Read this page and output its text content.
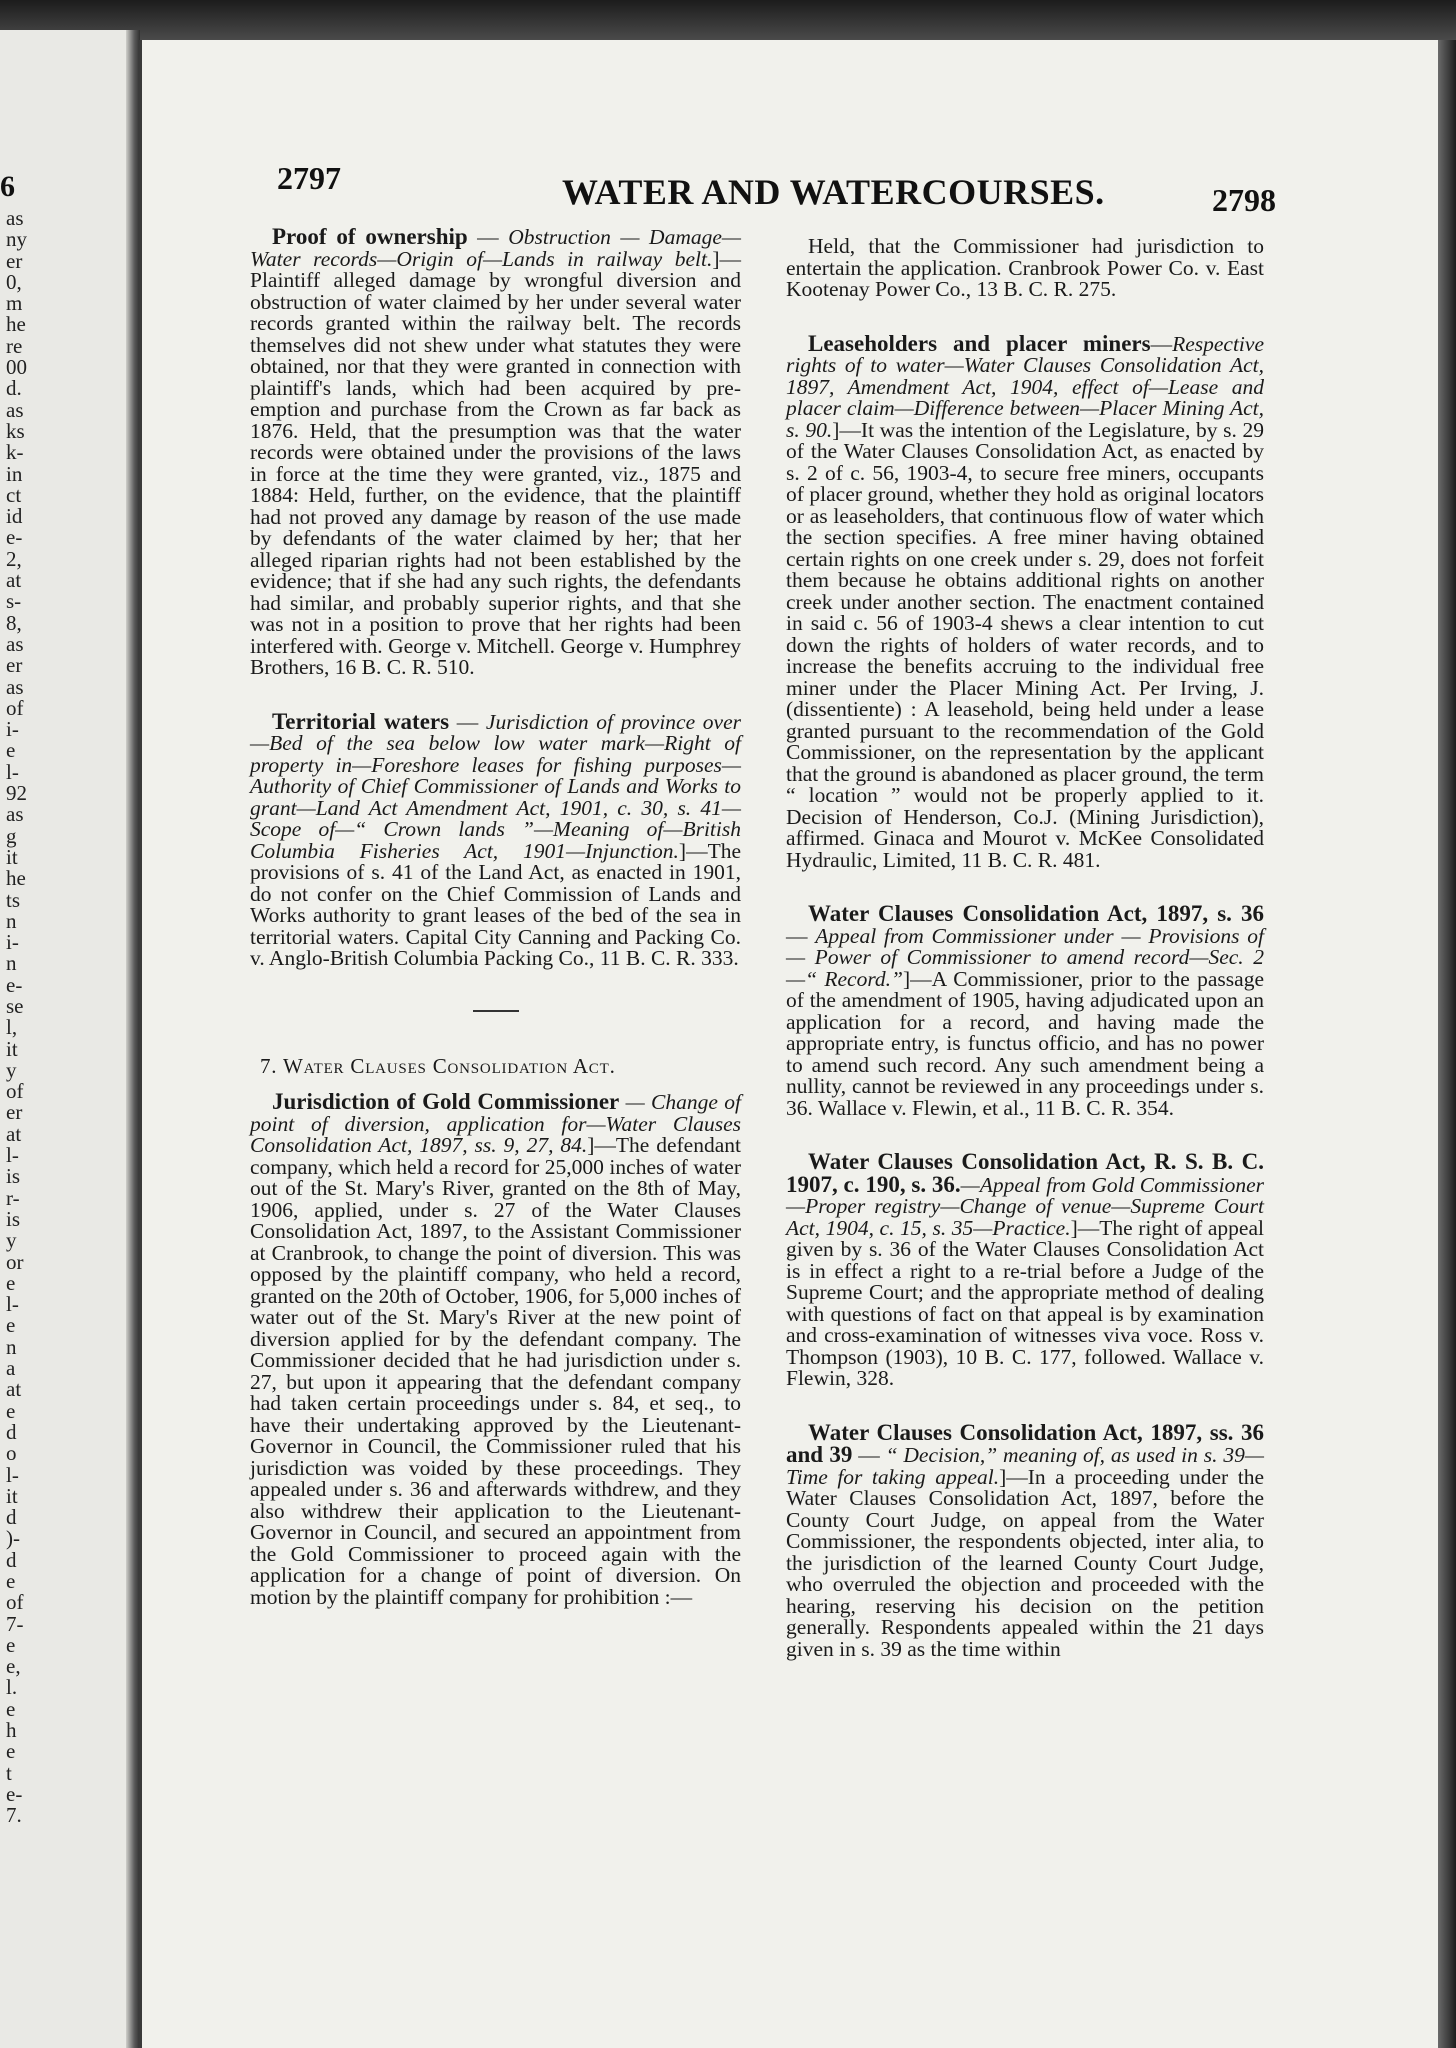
6
as
ny
er
0,
m
he
re
00
d.
as
ks
k-
in
ct
id
e-
2,
at
s-
8,
as
er
as
of
i-
e
l-
92
as
g
it
he
ts
n
i-
n
e-
se
l,
it
y
of
er
at
l-
is
r-
is
y
or
e
l-
e
n
a
at
e
d
o
l-
it
d
)-
d
e
of
7-
e
e,
l.
e
h
e
t
e-
7.
2797	WATER AND WATERCOURSES.	2798

Proof of ownership — Obstruction — Damage—Water records—Origin of—Lands in railway belt.]—Plaintiff alleged damage by wrongful diversion and obstruction of water claimed by her under several water records granted within the railway belt. The records themselves did not shew under what statutes they were obtained, nor that they were granted in connection with plaintiff's lands, which had been acquired by pre-emption and purchase from the Crown as far back as 1876. Held, that the presumption was that the water records were obtained under the provisions of the laws in force at the time they were granted, viz., 1875 and 1884: Held, further, on the evidence, that the plaintiff had not proved any damage by reason of the use made by defendants of the water claimed by her; that her alleged riparian rights had not been established by the evidence; that if she had any such rights, the defendants had similar, and probably superior rights, and that she was not in a position to prove that her rights had been interfered with. George v. Mitchell. George v. Humphrey Brothers, 16 B. C. R. 510.

Territorial waters — Jurisdiction of province over—Bed of the sea below low water mark—Right of property in—Foreshore leases for fishing purposes—Authority of Chief Commissioner of Lands and Works to grant—Land Act Amendment Act, 1901, c. 30, s. 41—Scope of—“ Crown lands ”—Meaning of—British Columbia Fisheries Act, 1901—Injunction.]—The provisions of s. 41 of the Land Act, as enacted in 1901, do not confer on the Chief Commission of Lands and Works authority to grant leases of the bed of the sea in territorial waters. Capital City Canning and Packing Co. v. Anglo-British Columbia Packing Co., 11 B. C. R. 333.

7. Water Clauses Consolidation Act.

Jurisdiction of Gold Commissioner — Change of point of diversion, application for—Water Clauses Consolidation Act, 1897, ss. 9, 27, 84.]—The defendant company, which held a record for 25,000 inches of water out of the St. Mary's River, granted on the 8th of May, 1906, applied, under s. 27 of the Water Clauses Consolidation Act, 1897, to the Assistant Commissioner at Cranbrook, to change the point of diversion. This was opposed by the plaintiff company, who held a record, granted on the 20th of October, 1906, for 5,000 inches of water out of the St. Mary's River at the new point of diversion applied for by the defendant company. The Commissioner decided that he had jurisdiction under s. 27, but upon it appearing that the defendant company had taken certain proceedings under s. 84, et seq., to have their undertaking approved by the Lieutenant-Governor in Council, the Commissioner ruled that his jurisdiction was voided by these proceedings. They appealed under s. 36 and afterwards withdrew, and they also withdrew their application to the Lieutenant-Governor in Council, and secured an appointment from the Gold Commissioner to proceed again with the application for a change of point of diversion. On motion by the plaintiff company for prohibition :—

Held, that the Commissioner had jurisdiction to entertain the application. Cranbrook Power Co. v. East Kootenay Power Co., 13 B. C. R. 275.

Leaseholders and placer miners—Respective rights of to water—Water Clauses Consolidation Act, 1897, Amendment Act, 1904, effect of—Lease and placer claim—Difference between—Placer Mining Act, s. 90.]—It was the intention of the Legislature, by s. 29 of the Water Clauses Consolidation Act, as enacted by s. 2 of c. 56, 1903-4, to secure free miners, occupants of placer ground, whether they hold as original locators or as leaseholders, that continuous flow of water which the section specifies. A free miner having obtained certain rights on one creek under s. 29, does not forfeit them because he obtains additional rights on another creek under another section. The enactment contained in said c. 56 of 1903-4 shews a clear intention to cut down the rights of holders of water records, and to increase the benefits accruing to the individual free miner under the Placer Mining Act. Per Irving, J. (dissentiente) : A leasehold, being held under a lease granted pursuant to the recommendation of the Gold Commissioner, on the representation by the applicant that the ground is abandoned as placer ground, the term “ location ” would not be properly applied to it. Decision of Henderson, Co.J. (Mining Jurisdiction), affirmed. Ginaca and Mourot v. McKee Consolidated Hydraulic, Limited, 11 B. C. R. 481.

Water Clauses Consolidation Act, 1897, s. 36 — Appeal from Commissioner under — Provisions of — Power of Commissioner to amend record—Sec. 2—“ Record.”]—A Commissioner, prior to the passage of the amendment of 1905, having adjudicated upon an application for a record, and having made the appropriate entry, is functus officio, and has no power to amend such record. Any such amendment being a nullity, cannot be reviewed in any proceedings under s. 36. Wallace v. Flewin, et al., 11 B. C. R. 354.

Water Clauses Consolidation Act, R. S. B. C. 1907, c. 190, s. 36.—Appeal from Gold Commissioner—Proper registry—Change of venue—Supreme Court Act, 1904, c. 15, s. 35—Practice.]—The right of appeal given by s. 36 of the Water Clauses Consolidation Act is in effect a right to a re-trial before a Judge of the Supreme Court; and the appropriate method of dealing with questions of fact on that appeal is by examination and cross-examination of witnesses viva voce. Ross v. Thompson (1903), 10 B. C. 177, followed. Wallace v. Flewin, 328.

Water Clauses Consolidation Act, 1897, ss. 36 and 39 — “ Decision,” meaning of, as used in s. 39—Time for taking appeal.]—In a proceeding under the Water Clauses Consolidation Act, 1897, before the County Court Judge, on appeal from the Water Commissioner, the respondents objected, inter alia, to the jurisdiction of the learned County Court Judge, who overruled the objection and proceeded with the hearing, reserving his decision on the petition generally. Respondents appealed within the 21 days given in s. 39 as the time within
